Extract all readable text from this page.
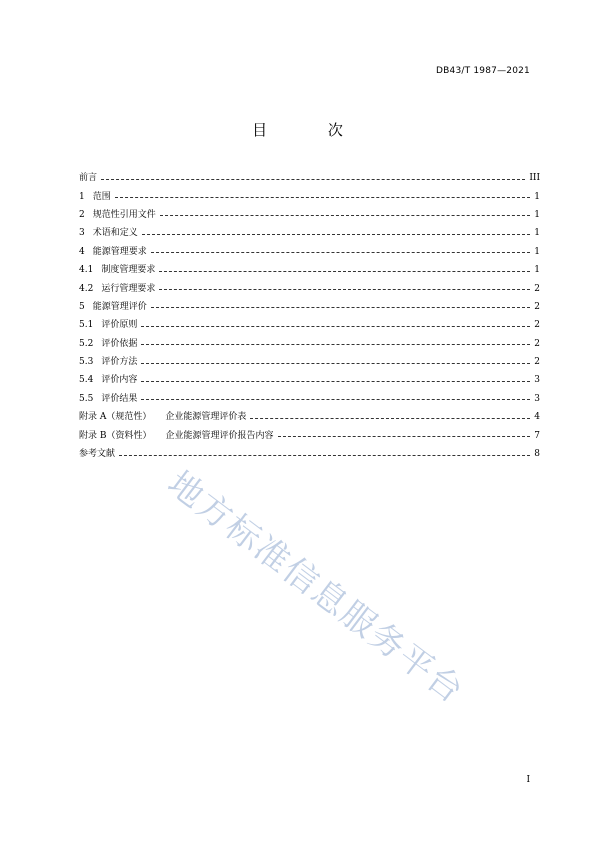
DB43/T 1987—2021
目 次
前言	III
1 范围	1
2 规范性引用文件	1
3 术语和定义	1
4 能源管理要求	1
4.1 制度管理要求	1
4.2 运行管理要求	2
5 能源管理评价	2
5.1 评价原则	2
5.2 评价依据	2
5.3 评价方法	2
5.4 评价内容	3
5.5 评价结果	3
附录 A（规范性）	企业能源管理评价表	4
附录 B（资料性）	企业能源管理评价报告内容	7
参考文献	8
地方标准信息服务平台
I
